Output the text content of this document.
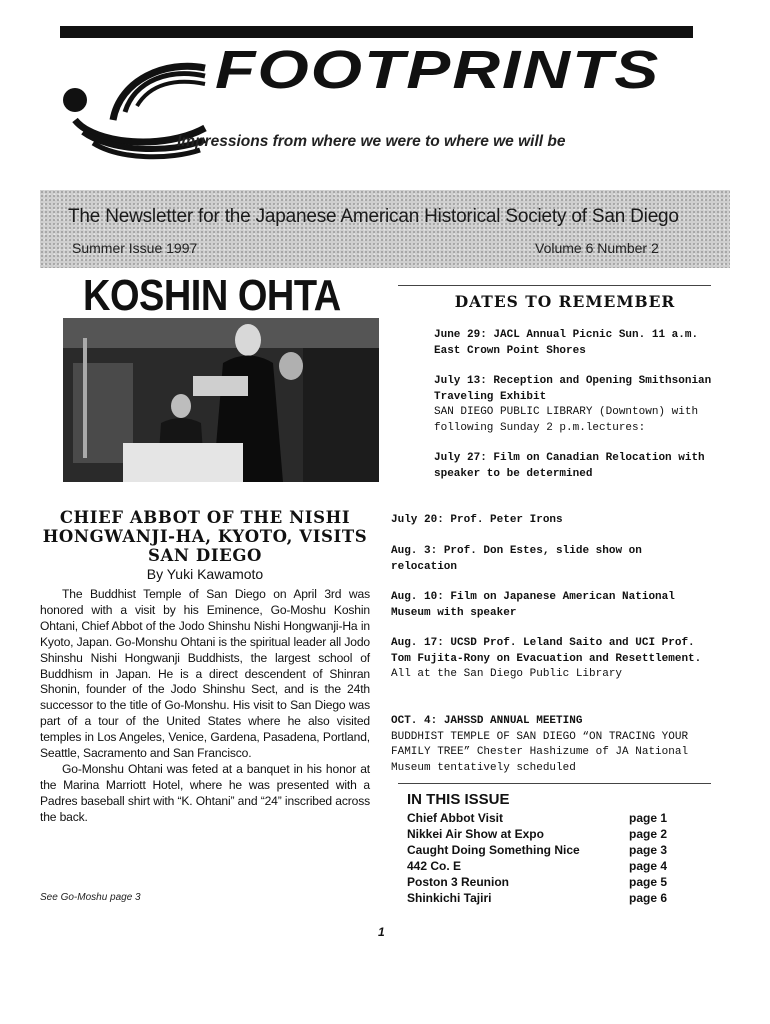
FOOTPRINTS
Impressions from where we were to where we will be
The Newsletter for the Japanese American Historical Society of San Diego
Summer Issue 1997	Volume 6 Number 2
KOSHIN OHTA
CHIEF ABBOT OF THE NISHI HONGWANJI-HA, KYOTO, VISITS SAN DIEGO
By Yuki Kawamoto

The Buddhist Temple of San Diego on April 3rd was honored with a visit by his Eminence, Go-Moshu Koshin Ohtani, Chief Abbot of the Jodo Shinshu Nishi Hongwanji-Ha in Kyoto, Japan. Go-Monshu Ohtani is the spiritual leader all Jodo Shinshu Nishi Hongwanji Buddhists, the largest school of Buddhism in Japan. He is a direct descendent of Shinran Shonin, founder of the Jodo Shinshu Sect, and is the 24th successor to the title of Go-Monshu. His visit to San Diego was part of a tour of the United States where he also visited temples in Los Angeles, Venice, Gardena, Pasadena, Portland, Seattle, Sacramento and San Francisco.

Go-Monshu Ohtani was feted at a banquet in his honor at the Marina Marriott Hotel, where he was presented with a Padres baseball shirt with “K. Ohtani” and “24” inscribed across the back.

See Go-Moshu page 3
DATES TO REMEMBER
June 29: JACL Annual Picnic Sun. 11 a.m. East Crown Point Shores
July 13: Reception and Opening Smithsonian Traveling Exhibit
SAN DIEGO PUBLIC LIBRARY (Downtown) with following Sunday 2 p.m.lectures:
July 27: Film on Canadian Relocation with speaker to be determined
July 20: Prof. Peter Irons
Aug. 3: Prof. Don Estes, slide show on relocation
Aug. 10: Film on Japanese American National Museum with speaker
Aug. 17: UCSD Prof. Leland Saito and UCI Prof. Tom Fujita-Rony on Evacuation and Resettlement.
All at the San Diego Public Library
OCT. 4: JAHSSD ANNUAL MEETING
BUDDHIST TEMPLE OF SAN DIEGO “ON TRACING YOUR FAMILY TREE” Chester Hashizume of JA National Museum tentatively scheduled
IN THIS ISSUE
Chief Abbot Visit	page 1
Nikkei Air Show at Expo	page 2
Caught Doing Something Nice	page 3
442 Co. E	page 4
Poston 3 Reunion	page 5
Shinkichi Tajiri	page 6
1
